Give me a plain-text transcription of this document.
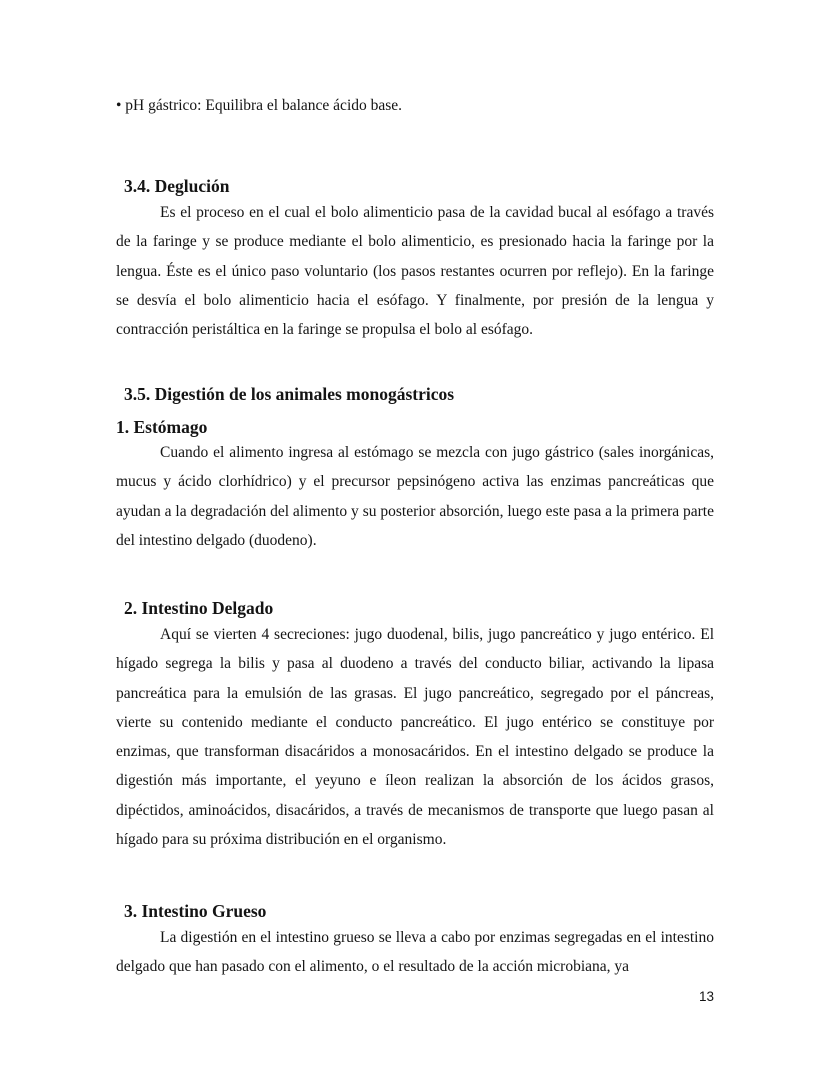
• pH gástrico: Equilibra el balance ácido base.
3.4. Deglución

Es el proceso en el cual el bolo alimenticio pasa de la cavidad bucal al esófago a través de la faringe y se produce mediante el bolo alimenticio, es presionado hacia la faringe por la lengua. Éste es el único paso voluntario (los pasos restantes ocurren por reflejo). En la faringe se desvía el bolo alimenticio hacia el esófago. Y finalmente, por presión de la lengua y contracción peristáltica en la faringe se propulsa el bolo al esófago.

3.5. Digestión de los animales monogástricos
1. Estómago

Cuando el alimento ingresa al estómago se mezcla con jugo gástrico (sales inorgánicas, mucus y ácido clorhídrico) y el precursor pepsinógeno activa las enzimas pancreáticas que ayudan a la degradación del alimento y su posterior absorción, luego este pasa a la primera parte del intestino delgado (duodeno).

2. Intestino Delgado

Aquí se vierten 4 secreciones: jugo duodenal, bilis, jugo pancreático y jugo entérico. El hígado segrega la bilis y pasa al duodeno a través del conducto biliar, activando la lipasa pancreática para la emulsión de las grasas. El jugo pancreático, segregado por el páncreas, vierte su contenido mediante el conducto pancreático. El jugo entérico se constituye por enzimas, que transforman disacáridos a monosacáridos. En el intestino delgado se produce la digestión más importante, el yeyuno e íleon realizan la absorción de los ácidos grasos, dipéctidos, aminoácidos, disacáridos, a través de mecanismos de transporte que luego pasan al hígado para su próxima distribución en el organismo.

3. Intestino Grueso

La digestión en el intestino grueso se lleva a cabo por enzimas segregadas en el intestino delgado que han pasado con el alimento, o el resultado de la acción microbiana, ya

13
